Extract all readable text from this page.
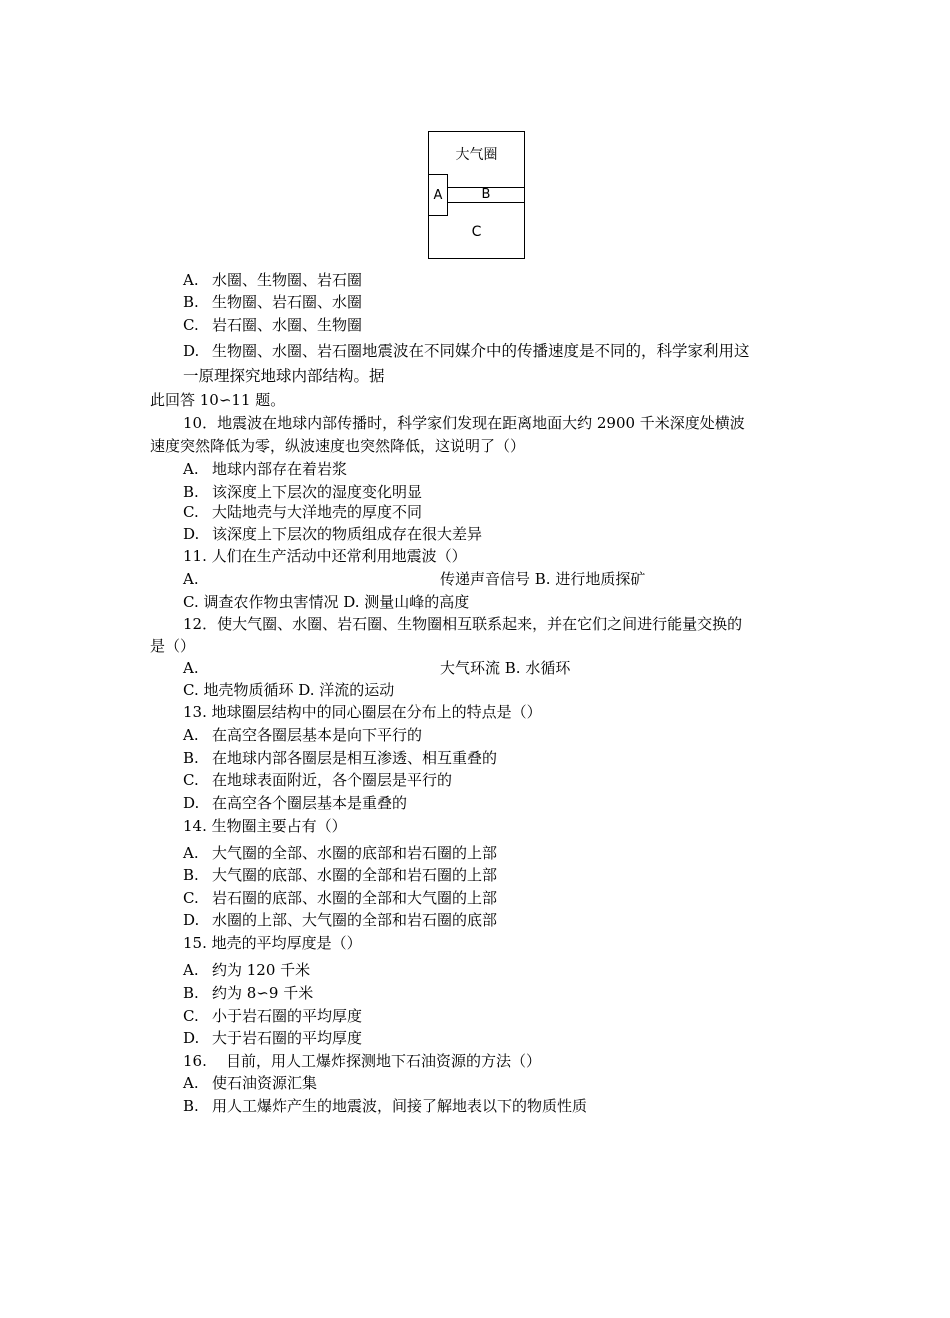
大气圈
A	B
C
A. 水圈、生物圈、岩石圈
B. 生物圈、岩石圈、水圈
C. 岩石圈、水圈、生物圈
D. 生物圈、水圈、岩石圈地震波在不同媒介中的传播速度是不同的，科学家利用这
一原理探究地球内部结构。据
此回答 10∽11 题。
10．地震波在地球内部传播时，科学家们发现在距离地面大约 2900 千米深度处横波
速度突然降低为零，纵波速度也突然降低，这说明了（）
A. 地球内部存在着岩浆
B. 该深度上下层次的湿度变化明显
C. 大陆地壳与大洋地壳的厚度不同
D. 该深度上下层次的物质组成存在很大差异
11. 人们在生产活动中还常利用地震波（）
A.	传递声音信号 B. 进行地质探矿
C. 调查农作物虫害情况 D. 测量山峰的高度
12．使大气圈、水圈、岩石圈、生物圈相互联系起来，并在它们之间进行能量交换的
是（）
A.	大气环流 B. 水循环
C. 地壳物质循环 D. 洋流的运动
13. 地球圈层结构中的同心圈层在分布上的特点是（）
A. 在高空各圈层基本是向下平行的
B. 在地球内部各圈层是相互渗透、相互重叠的
C. 在地球表面附近，各个圈层是平行的
D. 在高空各个圈层基本是重叠的
14. 生物圈主要占有（）
A. 大气圈的全部、水圈的底部和岩石圈的上部
B. 大气圈的底部、水圈的全部和岩石圈的上部
C. 岩石圈的底部、水圈的全部和大气圈的上部
D. 水圈的上部、大气圈的全部和岩石圈的底部
15. 地壳的平均厚度是（）
A. 约为 120 千米
B. 约为 8∽9 千米
C. 小于岩石圈的平均厚度
D. 大于岩石圈的平均厚度
16. 目前，用人工爆炸探测地下石油资源的方法（）
A. 使石油资源汇集
B. 用人工爆炸产生的地震波，间接了解地表以下的物质性质
